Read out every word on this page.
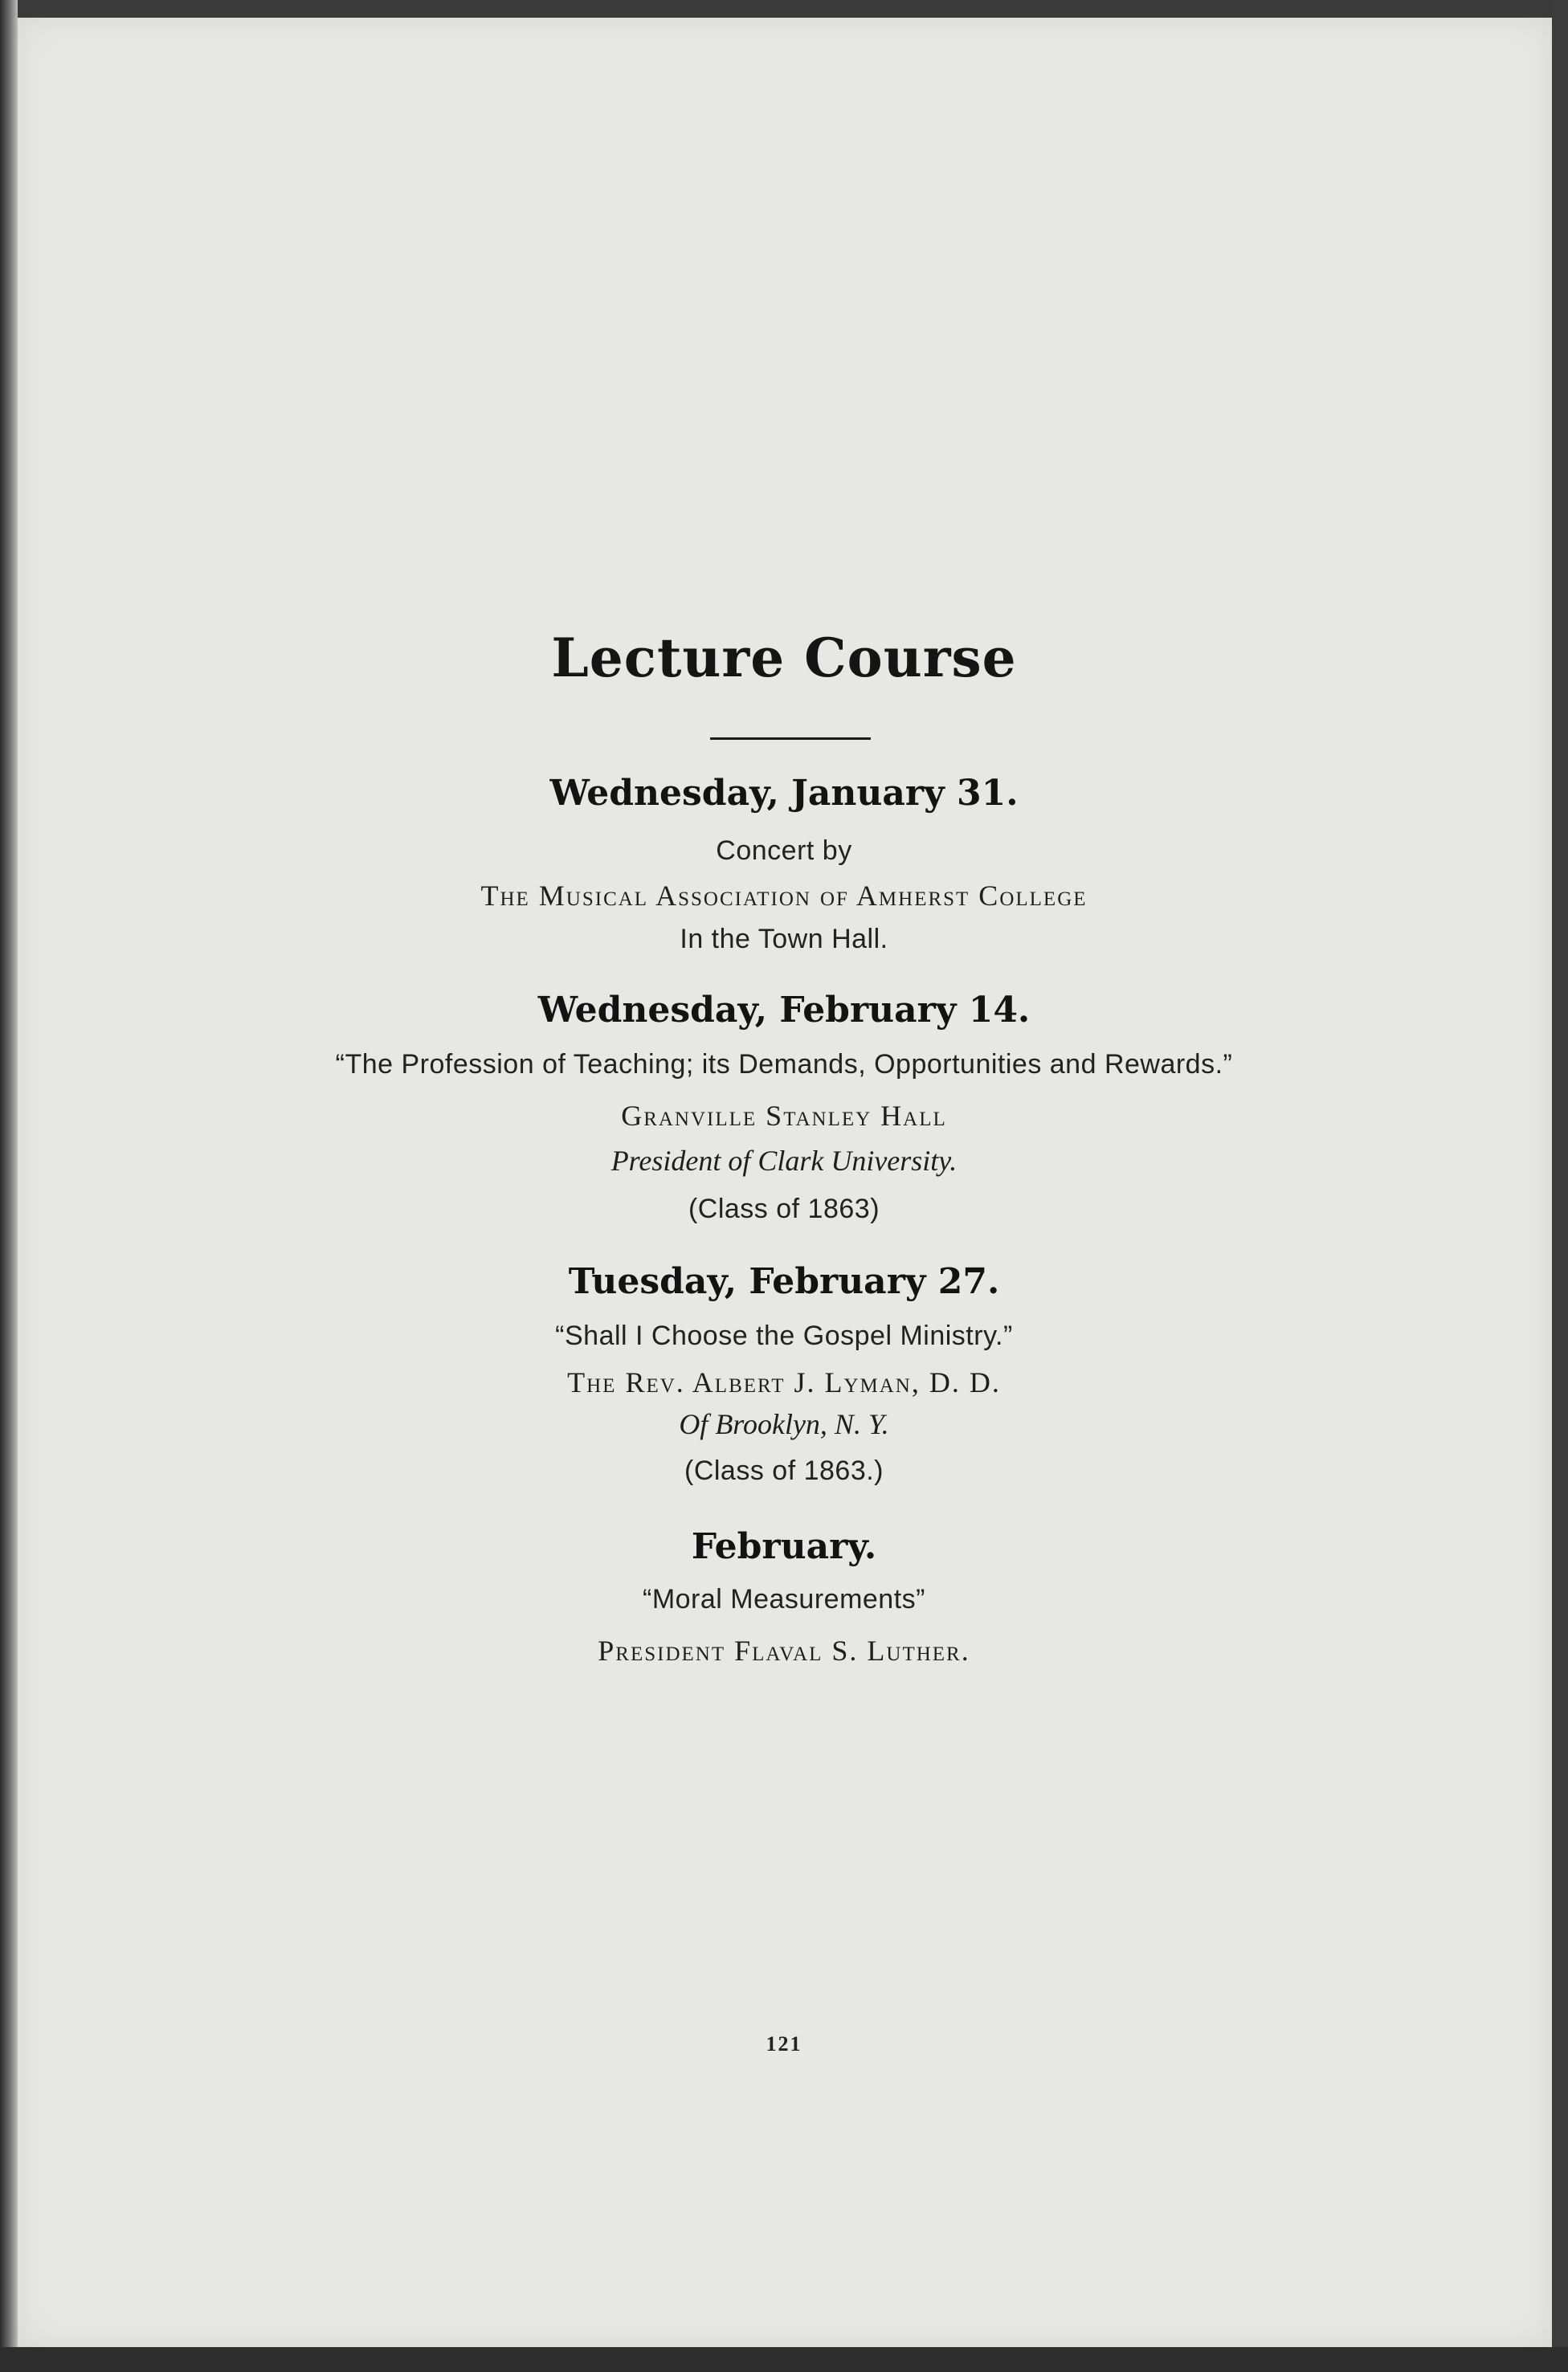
Lecture Course
Wednesday, January 31.
Concert by
The Musical Association of Amherst College
In the Town Hall.
Wednesday, February 14.
“The Profession of Teaching; its Demands, Opportunities and Rewards.”
Granville Stanley Hall
President of Clark University.
(Class of 1863)
Tuesday, February 27.
“Shall I Choose the Gospel Ministry.”
The Rev. Albert J. Lyman, D. D.
Of Brooklyn, N. Y.
(Class of 1863.)
February.
“Moral Measurements”
President Flaval S. Luther.
121
